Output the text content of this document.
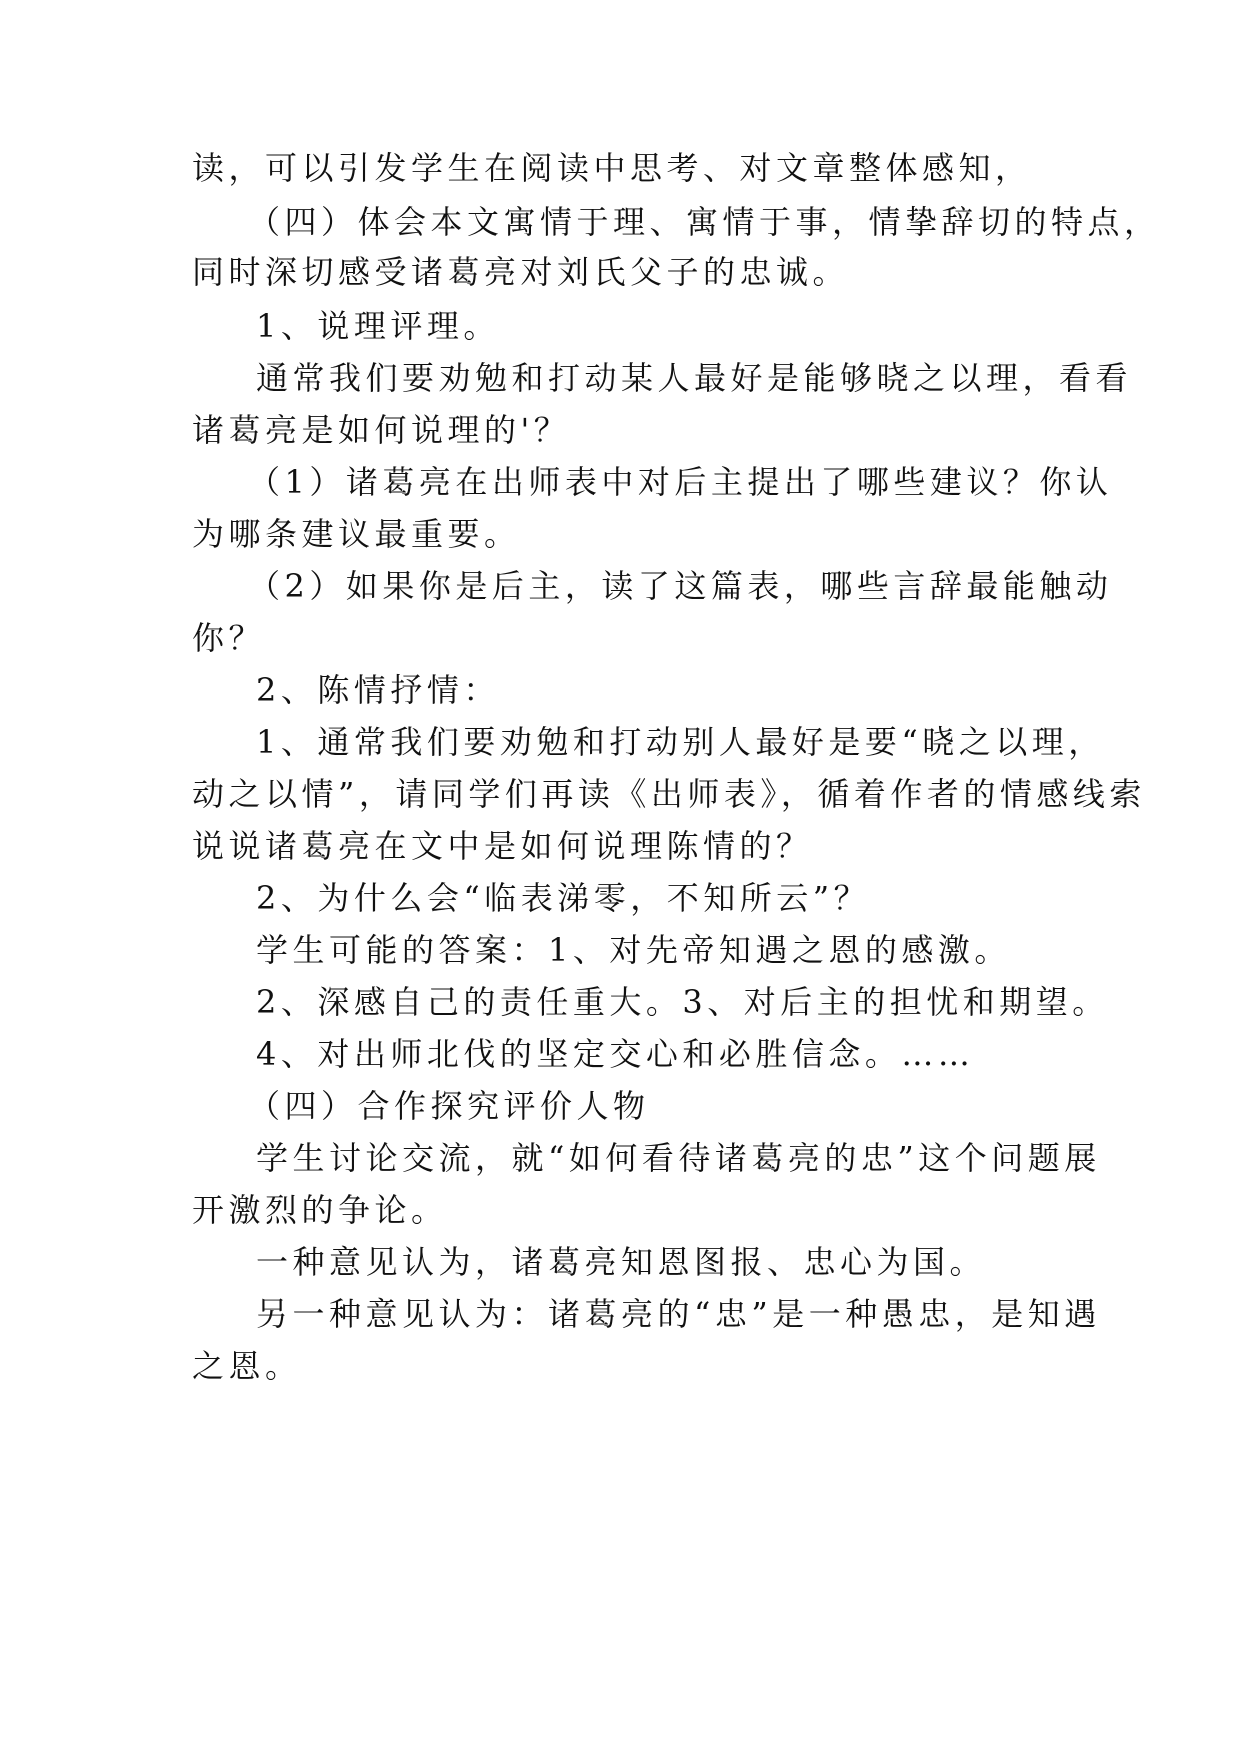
读，可以引发学生在阅读中思考、对文章整体感知，
（四）体会本文寓情于理、寓情于事，情挚辞切的特点，
同时深切感受诸葛亮对刘氏父子的忠诚。
1、说理评理。
通常我们要劝勉和打动某人最好是能够晓之以理，看看
诸葛亮是如何说理的'？
（1）诸葛亮在出师表中对后主提出了哪些建议？你认
为哪条建议最重要。
（2）如果你是后主，读了这篇表，哪些言辞最能触动
你？
2、陈情抒情：
1、通常我们要劝勉和打动别人最好是要“晓之以理，
动之以情”，请同学们再读《出师表》，循着作者的情感线索
说说诸葛亮在文中是如何说理陈情的？
2、为什么会“临表涕零，不知所云”？
学生可能的答案：1、对先帝知遇之恩的感激。
2、深感自己的责任重大。3、对后主的担忧和期望。
4、对出师北伐的坚定交心和必胜信念。……
（四）合作探究评价人物
学生讨论交流，就“如何看待诸葛亮的忠”这个问题展
开激烈的争论。
一种意见认为，诸葛亮知恩图报、忠心为国。
另一种意见认为：诸葛亮的“忠”是一种愚忠，是知遇
之恩。
